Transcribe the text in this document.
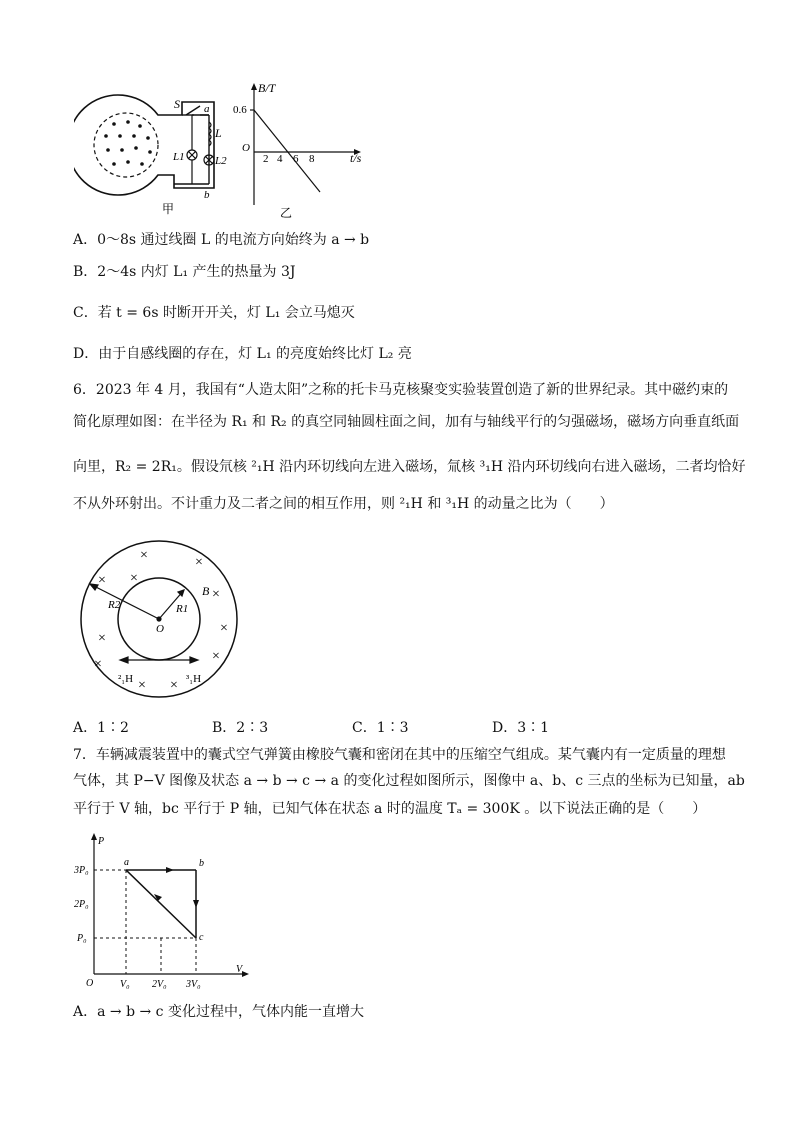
S a
b
L
L1	L2
甲
B/T
0.6
O
2 4 6 8	t/s
乙
A．0～8s 通过线圈 L 的电流方向始终为 a → b
B．2～4s 内灯 L₁ 产生的热量为 3J
C．若 t = 6s 时断开开关，灯 L₁ 会立马熄灭
D．由于自感线圈的存在，灯 L₁ 的亮度始终比灯 L₂ 亮
6．2023 年 4 月，我国有“人造太阳”之称的托卡马克核聚变实验装置创造了新的世界纪录。其中磁约束的
简化原理如图：在半径为 R₁ 和 R₂ 的真空同轴圆柱面之间，加有与轴线平行的匀强磁场，磁场方向垂直纸面
向里，R₂ = 2R₁。假设氘核 ²₁H 沿内环切线向左进入磁场，氚核 ³₁H 沿内环切线向右进入磁场，二者均恰好
不从外环射出。不计重力及二者之间的相互作用，则 ²₁H 和 ³₁H 的动量之比为（　　）
×	×
× ×
×
×
×
×
×
× ×
R2	R1
O
B
²₁H	³₁H
A．1∶2	B．2∶3	C．1∶3	D．3∶1
7．车辆减震装置中的囊式空气弹簧由橡胶气囊和密闭在其中的压缩空气组成。某气囊内有一定质量的理想
气体，其 P−V 图像及状态 a → b → c → a 的变化过程如图所示，图像中 a、b、c 三点的坐标为已知量，ab
平行于 V 轴，bc 平行于 P 轴，已知气体在状态 a 时的温度 Tₐ = 300K 。以下说法正确的是（　　）
P
V
O
3P₀
2P₀
P₀
V₀ 2V₀ 3V₀
a	b
c
A．a → b → c 变化过程中，气体内能一直增大
